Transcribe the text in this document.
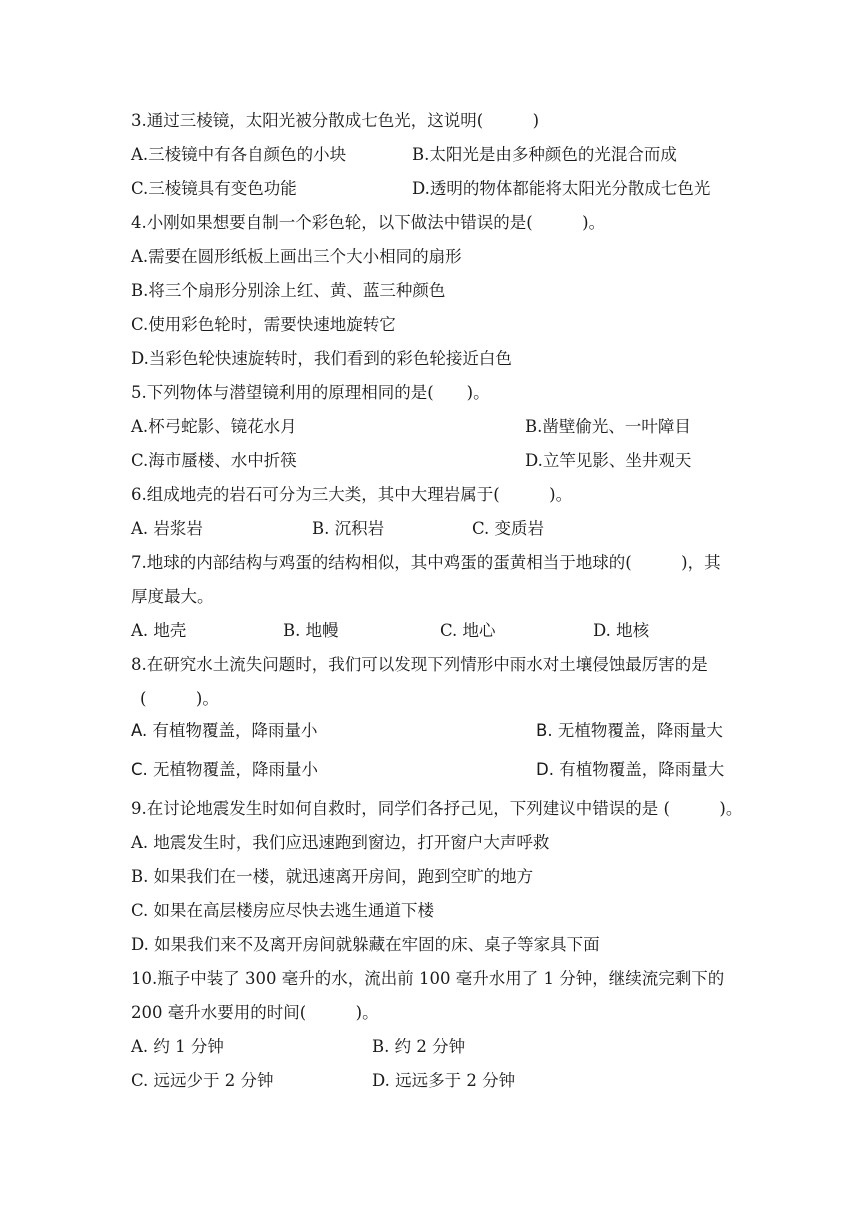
3.通过三棱镜，太阳光被分散成七色光，这说明(　　　)
A.三棱镜中有各自颜色的小块	B.太阳光是由多种颜色的光混合而成
C.三棱镜具有变色功能	D.透明的物体都能将太阳光分散成七色光
4.小刚如果想要自制一个彩色轮，以下做法中错误的是(　　　)。
A.需要在圆形纸板上画出三个大小相同的扇形
B.将三个扇形分别涂上红、黄、蓝三种颜色
C.使用彩色轮时，需要快速地旋转它
D.当彩色轮快速旋转时，我们看到的彩色轮接近白色
5.下列物体与潜望镜利用的原理相同的是(　　)。
A.杯弓蛇影、镜花水月	B.凿壁偷光、一叶障目
C.海市蜃楼、水中折筷	D.立竿见影、坐井观天
6.组成地壳的岩石可分为三大类，其中大理岩属于(　　　)。
A. 岩浆岩	B. 沉积岩	C. 变质岩
7.地球的内部结构与鸡蛋的结构相似，其中鸡蛋的蛋黄相当于地球的(　　　)，其
厚度最大。
A. 地壳	B. 地幔	C. 地心	D. 地核
8.在研究水土流失问题时，我们可以发现下列情形中雨水对土壤侵蚀最厉害的是
(　　　)。
A. 有植物覆盖，降雨量小	B. 无植物覆盖，降雨量大
C. 无植物覆盖，降雨量小	D. 有植物覆盖，降雨量大
9.在讨论地震发生时如何自救时，同学们各抒己见，下列建议中错误的是 (　　　)。
A. 地震发生时，我们应迅速跑到窗边，打开窗户大声呼救
B. 如果我们在一楼，就迅速离开房间，跑到空旷的地方
C. 如果在高层楼房应尽快去逃生通道下楼
D. 如果我们来不及离开房间就躲藏在牢固的床、桌子等家具下面
10.瓶子中装了 300 毫升的水，流出前 100 毫升水用了 1 分钟，继续流完剩下的
200 毫升水要用的时间(　　　)。
A. 约 1 分钟	B. 约 2 分钟
C. 远远少于 2 分钟	D. 远远多于 2 分钟
